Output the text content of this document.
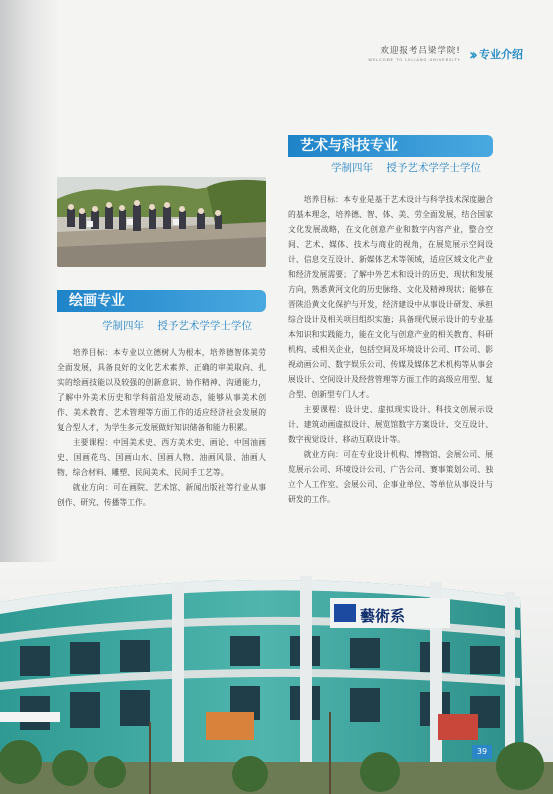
欢迎报考吕梁学院!
WELCOME TO LVLIANG UNIVERSITY ›› 专业介绍
绘画专业
学制四年    授予艺术学学士学位

培养目标：本专业以立德树人为根本，培养德智体美劳全面发展，具备良好的文化艺术素养、正确的审美取向、扎实的绘画技能以及较强的创新意识、协作精神、沟通能力，了解中外美术历史和学科前沿发展动态，能够从事美术创作、美术教育、艺术管理等方面工作的适应经济社会发展的复合型人才，为学生多元发展做好知识储备和能力积累。

主要课程：中国美术史、西方美术史、画论、中国油画史、国画花鸟、国画山水、国画人物、油画风景、油画人物、综合材料、雕塑、民间美术、民间手工艺等。

就业方向：可在画院、艺术馆、新闻出版社等行业从事创作、研究、传播等工作。

艺术与科技专业
学制四年    授予艺术学学士学位

培养目标：本专业是基于艺术设计与科学技术深度融合的基本理念，培养德、智、体、美、劳全面发展，结合国家文化发展战略，在文化创意产业和数字内容产业，整合空间、艺术、媒体、技术与商业的视角，在展览展示空间设计、信息交互设计、新媒体艺术等领域，适应区域文化产业和经济发展需要；了解中外艺术和设计的历史、现状和发展方向，熟悉黄河文化的历史脉络、文化及精神现状；能够在晋陕沿黄文化保护与开发，经济建设中从事设计研发、承担综合设计及相关项目组织实施；具备现代展示设计的专业基本知识和实践能力，能在文化与创意产业的相关教育、科研机构，或相关企业，包括空间及环境设计公司、IT公司、影视动画公司、数字娱乐公司、传媒及媒体艺术机构等从事会展设计、空间设计及经营管理等方面工作的高级应用型、复合型、创新型专门人才。

主要课程：设计史、虚拟现实设计、科技文创展示设计、建筑动画虚拟设计、展览馆数字方案设计、交互设计、数字视觉设计、移动互联设计等。

就业方向：可在专业设计机构、博物馆、会展公司、展览展示公司、环境设计公司、广告公司、赛事策划公司、独立个人工作室、会展公司、企事业单位、等单位从事设计与研发的工作。

藝術系
39
